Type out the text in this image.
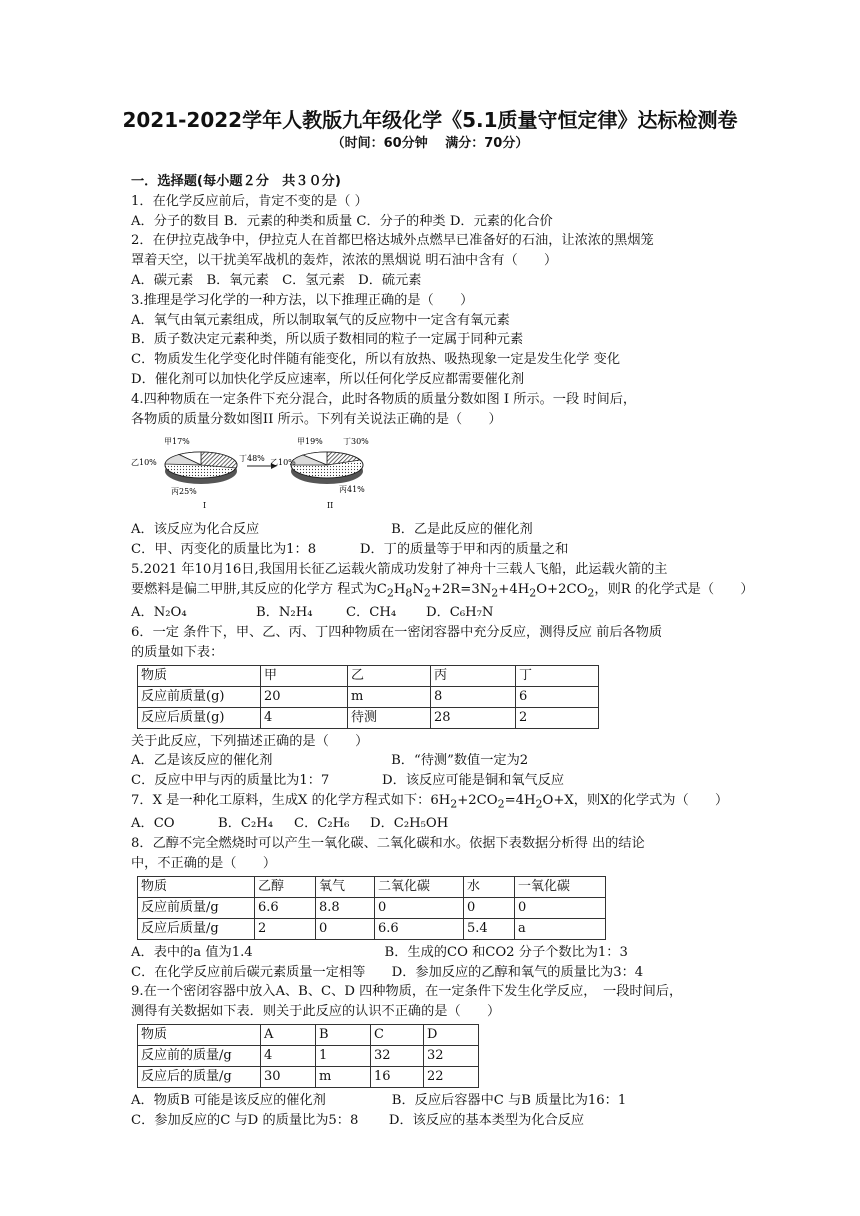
2021-2022学年人教版九年级化学《5.1质量守恒定律》达标检测卷
（时间：60分钟　 满分：70分）
一．选择题(每小题２分　共３０分)
1．在化学反应前后，肯定不变的是（ ）
A．分子的数目 B．元素的种类和质量 C．分子的种类 D．元素的化合价
2．在伊拉克战争中，伊拉克人在首都巴格达城外点燃早已准备好的石油，让浓浓的黑烟笼
罩着天空，以干扰美军战机的轰炸，浓浓的黑烟说 明石油中含有（　　）
A．碳元素　B．氧元素　C．氢元素　D．硫元素
3.推理是学习化学的一种方法，以下推理正确的是（　　）
A．氧气由氧元素组成，所以制取氧气的反应物中一定含有氧元素
B．质子数决定元素种类，所以质子数相同的粒子一定属于同种元素
C．物质发生化学变化时伴随有能变化，所以有放热、吸热现象一定是发生化学 变化
D．催化剂可以加快化学反应速率，所以任何化学反应都需要催化剂
4.四种物质在一定条件下充分混合，此时各物质的质量分数如图 I 所示。一段 时间后，
各物质的质量分数如图II 所示。下列有关说法正确的是（　　）
甲17%
丁48%
乙10%
丙25%
I
甲19%	丁30%
乙10%
丙41%
II
A．该反应为化合反应　　　　　　　　　　B．乙是此反应的催化剂
C．甲、丙变化的质量比为1：8　　　 D．丁的质量等于甲和丙的质量之和
5.2021 年10月16日,我国用长征乙运载火箭成功发射了神舟十三载人飞船，此运载火箭的主
要燃料是偏二甲肼,其反应的化学方 程式为$C_2H_8N_2+2R=3N_2+4H_2O+2CO_2$，则R 的化学式是（　　）
A．N₂O₄	B．N₂H₄	C．CH₄ D．C₆H₇N
6．一定 条件下，甲、乙、丙、丁四种物质在一密闭容器中充分反应，测得反应 前后各物质
的质量如下表：
物质	甲	乙	丙	丁
反应前质量(g)	20	m	8	6
反应后质量(g)	4	待测	28	2
关于此反应，下列描述正确的是（　　）
A．乙是该反应的催化剂　　　　　　　　　B．“待测”数值一定为2
C．反应中甲与丙的质量比为1：7　　　　D．该反应可能是铜和氧气反应
7．X 是一种化工原料，生成X 的化学方程式如下：$6H_2+2CO_2=4H_2O+X$，则X的化学式为（　　）
A．CO	B．C₂H₄ C．C₂H₆ D．C₂H₅OH
8．乙醇不完全燃烧时可以产生一氧化碳、二氧化碳和水。依据下表数据分析得 出的结论
中，不正确的是（　　）
物质	乙醇	氧气	二氧化碳	水	一氧化碳
反应前质量/g	6.6	8.8	0	0	0
反应后质量/g	2	0	6.6	5.4	a
A．表中的a 值为1.4　　　　　　　　　　B．生成的CO 和CO2 分子个数比为1：3
C．在化学反应前后碳元素质量一定相等　　D．参加反应的乙醇和氧气的质量比为3：4
9.在一个密闭容器中放入A、B、C、D 四种物质，在一定条件下发生化学反应，　一段时间后，
测得有关数据如下表．则关于此反应的认识不正确的是（　　）
物质	A	B	C	D
反应前的质量/g	4	1	32	32
反应后的质量/g	30	m	16	22
A．物质B 可能是该反应的催化剂　　　　　B．反应后容器中C 与B 质量比为16：1
C．参加反应的C 与D 的质量比为5：8　　 D．该反应的基本类型为化合反应
